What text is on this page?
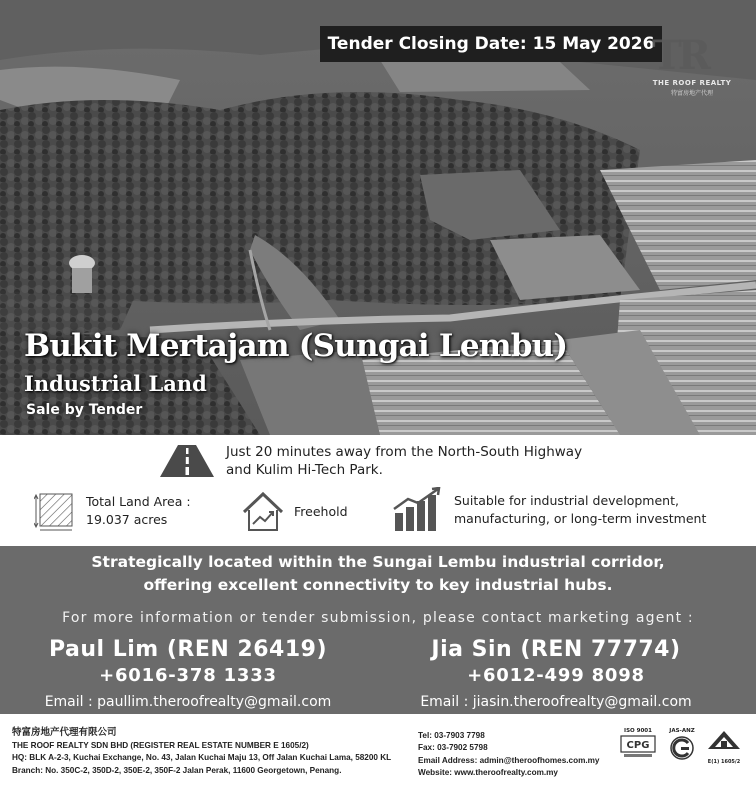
Tender Closing Date: 15 May 2026
TR
THE ROOF REALTY
特富房地产代理
Bukit Mertajam (Sungai Lembu)
Industrial Land
Sale by Tender
Just 20 minutes away from the North-South Highway
and Kulim Hi-Tech Park.
Total Land Area :
19.037 acres
Freehold
Suitable for industrial development,
manufacturing, or long-term investment
Strategically located within the Sungai Lembu industrial corridor,
offering excellent connectivity to key industrial hubs.
For more information or tender submission, please contact marketing agent :
Paul Lim (REN 26419)
+6016-378 1333
Email : paullim.theroofrealty@gmail.com
Jia Sin (REN 77774)
+6012-499 8098
Email : jiasin.theroofrealty@gmail.com
特富房地产代理有限公司
THE ROOF REALTY SDN BHD (REGISTER REAL ESTATE NUMBER E 1605/2)
HQ: BLK A-2-3, Kuchai Exchange, No. 43, Jalan Kuchai Maju 13, Off Jalan Kuchai Lama, 58200 KL
Branch: No. 350C-2, 350D-2, 350E-2, 350F-2 Jalan Perak, 11600 Georgetown, Penang.
Tel: 03-7903 7798
Fax: 03-7902 5798
Email Address: admin@theroofhomes.com.my
Website: www.theroofrealty.com.my
ISO 9001
CPG
JAS-ANZ
E(1) 1605/2
